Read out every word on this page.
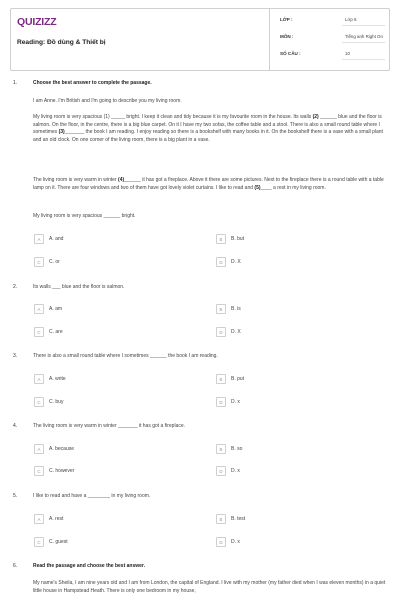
QUIZIZZ
Reading: Đồ dùng & Thiết bị
LỚP :	Lớp 6
MÔN :	Tiếng anh Right On
SỐ CÂU :	10
1.	Choose the best answer to complete the passage.
I am Anne. I'm British and I'm going to describe you my living room.
My living room is very spacious (1) _____ bright. I keep it clean and tidy because it is my favourite room in the house. Its walls (2) ______ blue and the floor is salmon. On the floor, in the centre, there is a big blue carpet. On it I have my two sofas, the coffee table and a stool. There is also a small round table where I sometimes (3)_______ the book I am reading. I enjoy reading so there is a bookshelf with many books in it. On the bookshelf there is a vase with a small plant and an old clock. On one corner of the living room, there is a big plant in a vase.
The living room is very warm in winter (4)______ it has got a fireplace. Above it there are some pictures. Next to the fireplace there is a round table with a table lamp on it. There are four windows and two of them have got lovely violet curtains. I like to read and (5)____ a rest in my living room.
My living room is very spacious ______ bright.
A	A. and	B	B. but
C	C. or	D	D. X
2.	Its walls ___ blue and the floor is salmon.
A	A. am	B	B. is
C	C. are	D	D. X
3.	There is also a small round table where I sometimes ______ the book I am reading.
A	A. write	B	B. put
C	C. buy	D	D. x
4.	The living room is very warm in winter _______ it has got a fireplace.
A	A. because	B	B. so
C	C. however	D	D. x
5.	I like to read and have a ________ in my living room.
A	A. rest	B	B. test
C	C. guest	D	D. x
6.	Read the passage and choose the best answer.
My name's Sheila, I am nine years old and I am from London, the capital of England. I live with my mother (my father died when I was eleven months) in a quiet little house in Hampstead Heath. There is only one bedroom in my house,
